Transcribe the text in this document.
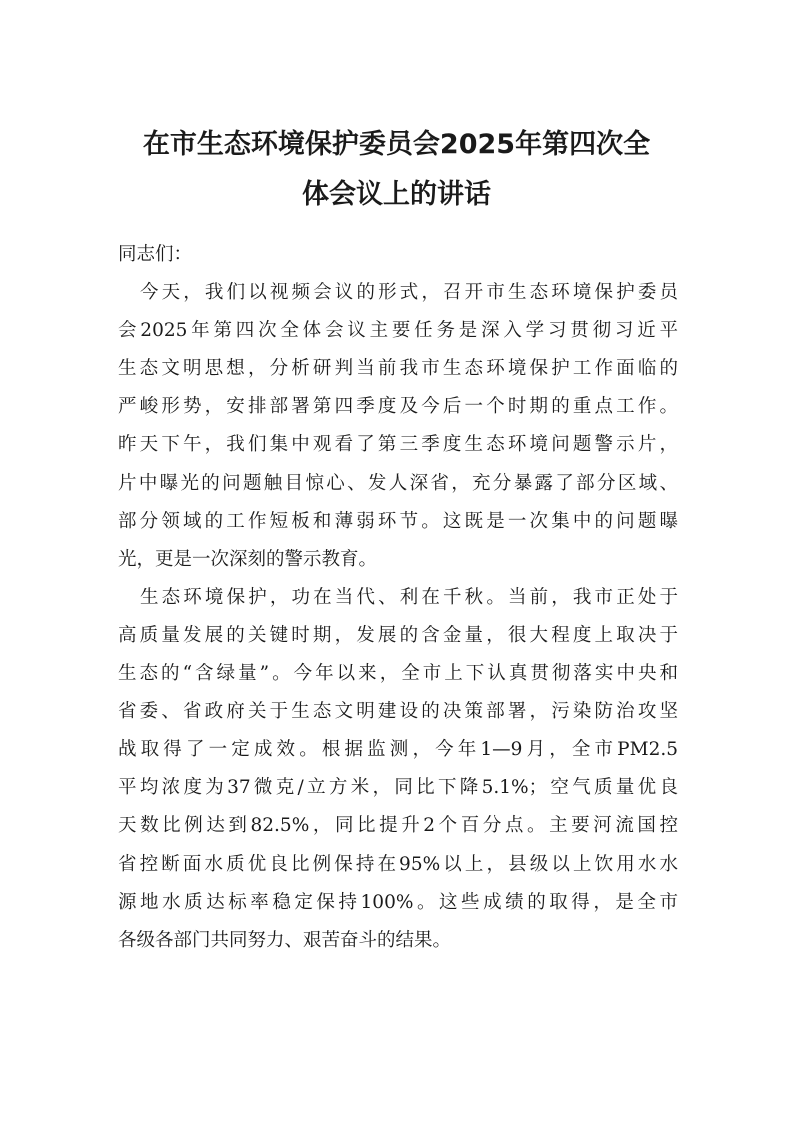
在市生态环境保护委员会2025年第四次全
体会议上的讲话
同志们：
今天，我们以视频会议的形式，召开市生态环境保护委员
会2025年第四次全体会议主要任务是深入学习贯彻习近平
生态文明思想，分析研判当前我市生态环境保护工作面临的
严峻形势，安排部署第四季度及今后一个时期的重点工作。
昨天下午，我们集中观看了第三季度生态环境问题警示片，
片中曝光的问题触目惊心、发人深省，充分暴露了部分区域、
部分领域的工作短板和薄弱环节。这既是一次集中的问题曝
光，更是一次深刻的警示教育。
生态环境保护，功在当代、利在千秋。当前，我市正处于
高质量发展的关键时期，发展的含金量，很大程度上取决于
生态的“含绿量”。今年以来，全市上下认真贯彻落实中央和
省委、省政府关于生态文明建设的决策部署，污染防治攻坚
战取得了一定成效。根据监测，今年1—9月，全市PM2.5
平均浓度为37微克/立方米，同比下降5.1%；空气质量优良
天数比例达到82.5%，同比提升2个百分点。主要河流国控
省控断面水质优良比例保持在95%以上，县级以上饮用水水
源地水质达标率稳定保持100%。这些成绩的取得，是全市
各级各部门共同努力、艰苦奋斗的结果。
